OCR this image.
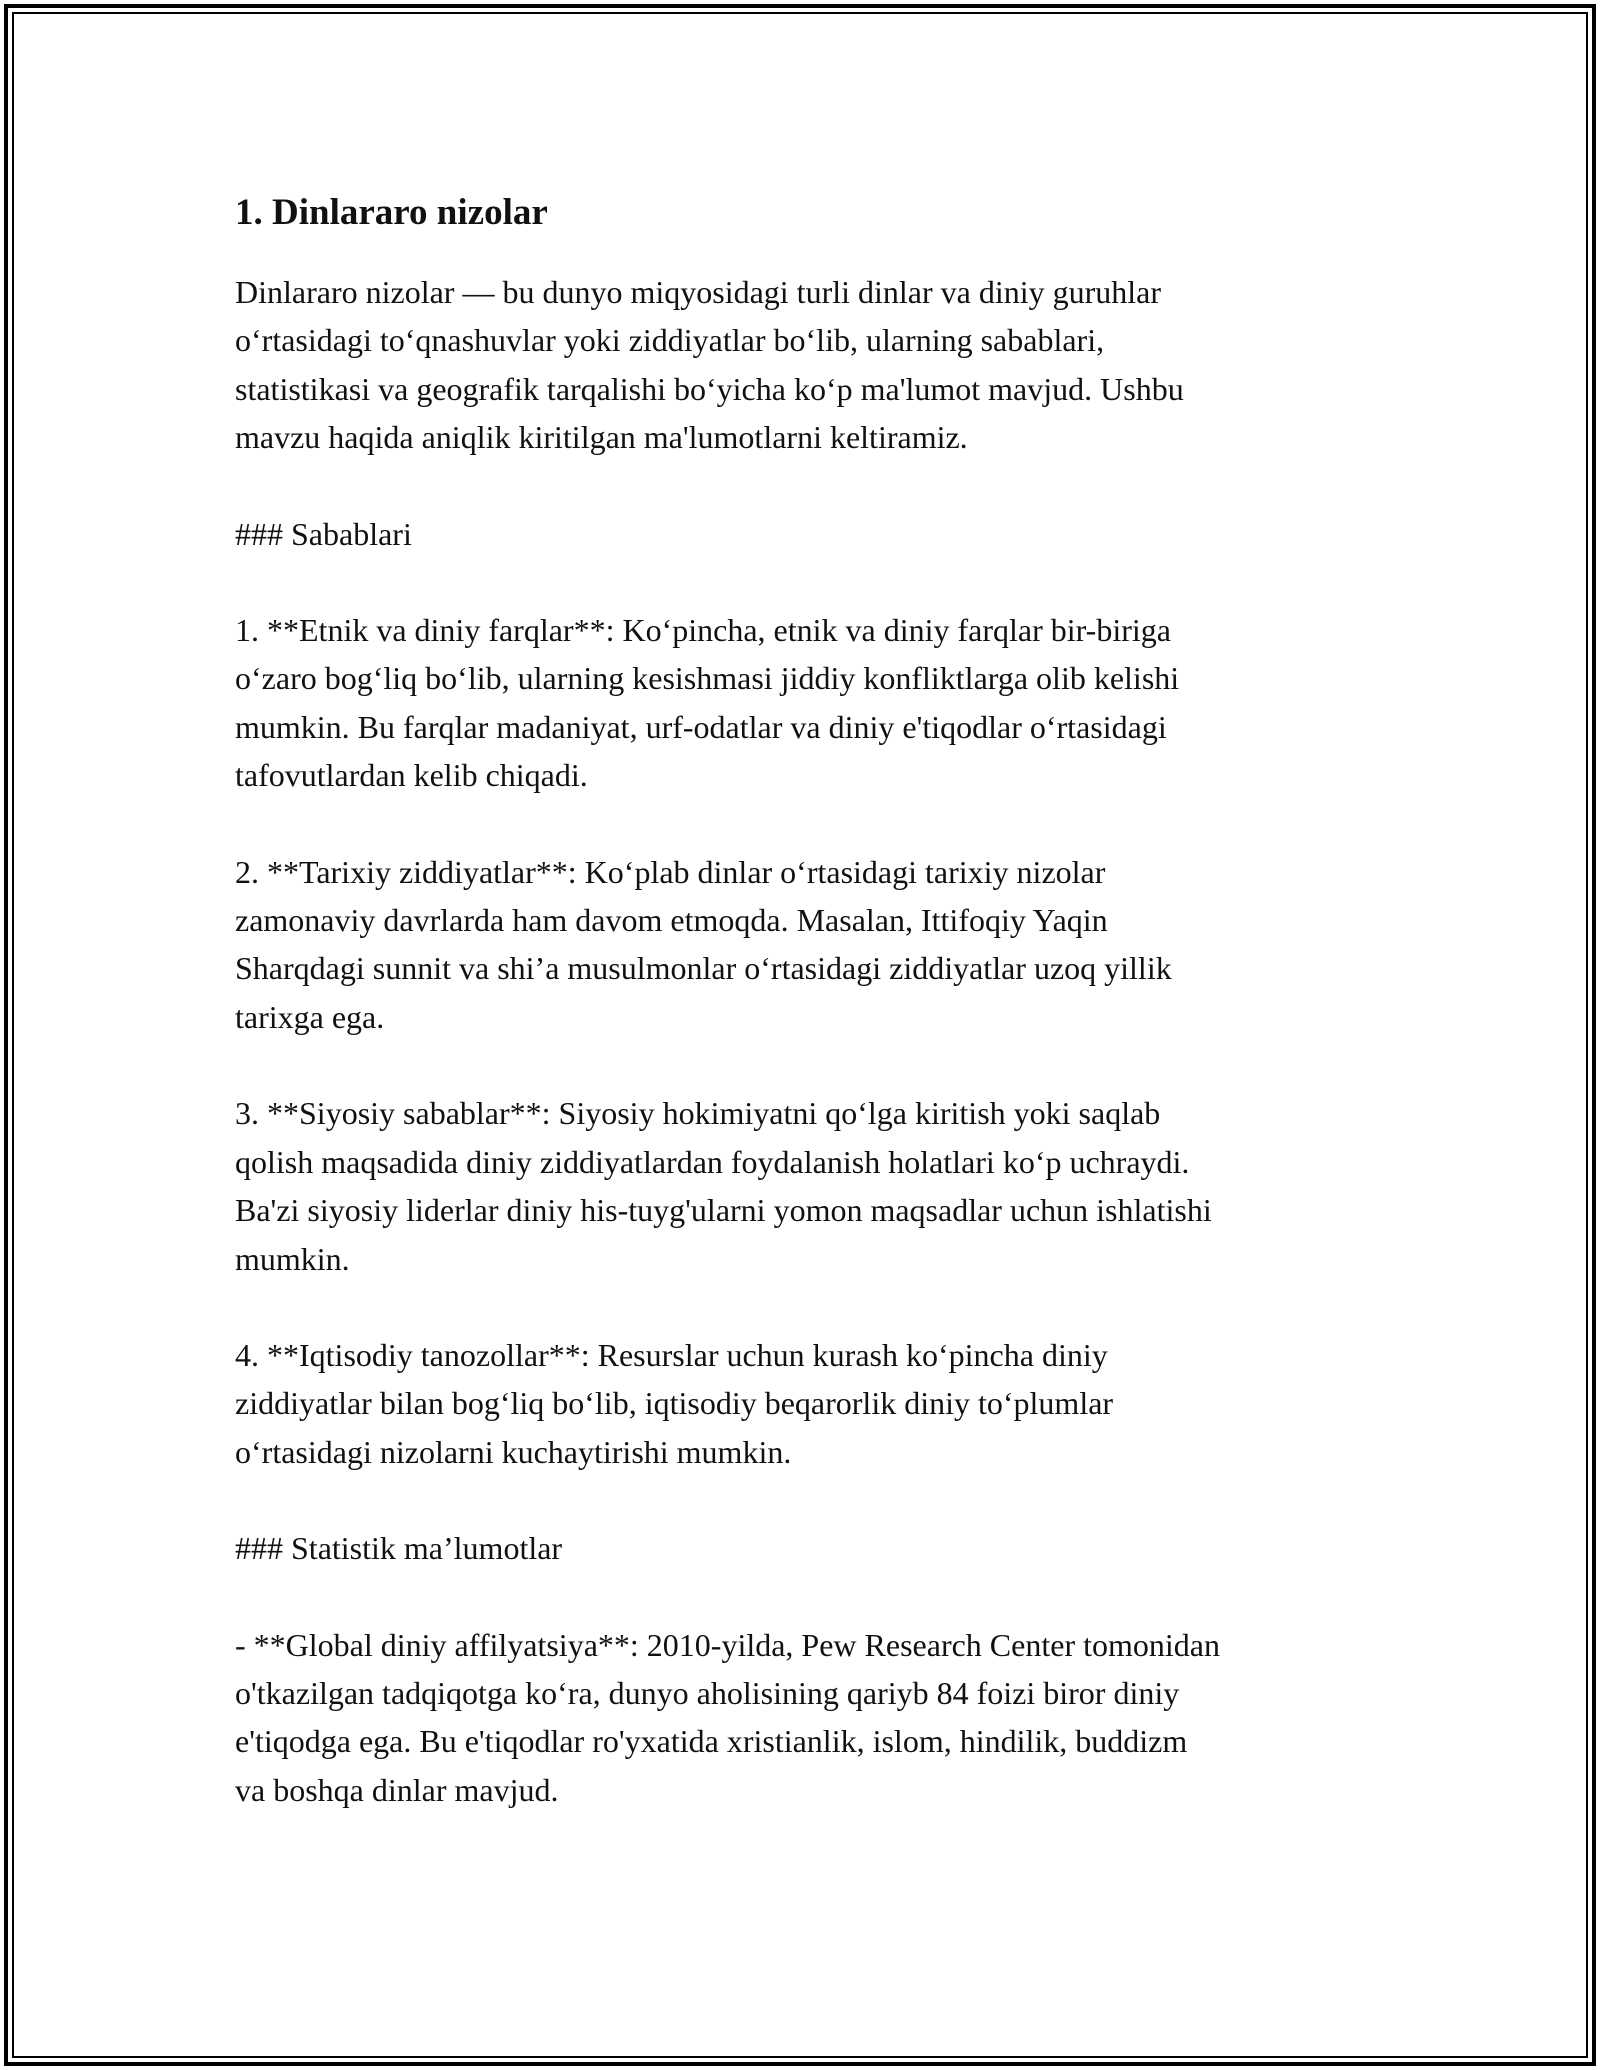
1. Dinlararo nizolar

Dinlararo nizolar — bu dunyo miqyosidagi turli dinlar va diniy guruhlar
o‘rtasidagi to‘qnashuvlar yoki ziddiyatlar bo‘lib, ularning sabablari,
statistikasi va geografik tarqalishi bo‘yicha ko‘p ma'lumot mavjud. Ushbu
mavzu haqida aniqlik kiritilgan ma'lumotlarni keltiramiz.

### Sabablari

1. **Etnik va diniy farqlar**: Ko‘pincha, etnik va diniy farqlar bir-biriga
o‘zaro bog‘liq bo‘lib, ularning kesishmasi jiddiy konfliktlarga olib kelishi
mumkin. Bu farqlar madaniyat, urf-odatlar va diniy e'tiqodlar o‘rtasidagi
tafovutlardan kelib chiqadi.

2. **Tarixiy ziddiyatlar**: Ko‘plab dinlar o‘rtasidagi tarixiy nizolar
zamonaviy davrlarda ham davom etmoqda. Masalan, Ittifoqiy Yaqin
Sharqdagi sunnit va shi’a musulmonlar o‘rtasidagi ziddiyatlar uzoq yillik
tarixga ega.

3. **Siyosiy sabablar**: Siyosiy hokimiyatni qo‘lga kiritish yoki saqlab
qolish maqsadida diniy ziddiyatlardan foydalanish holatlari ko‘p uchraydi.
Ba'zi siyosiy liderlar diniy his-tuyg'ularni yomon maqsadlar uchun ishlatishi
mumkin.

4. **Iqtisodiy tanozollar**: Resurslar uchun kurash ko‘pincha diniy
ziddiyatlar bilan bog‘liq bo‘lib, iqtisodiy beqarorlik diniy to‘plumlar
o‘rtasidagi nizolarni kuchaytirishi mumkin.

### Statistik ma’lumotlar

- **Global diniy affilyatsiya**: 2010-yilda, Pew Research Center tomonidan
o'tkazilgan tadqiqotga ko‘ra, dunyo aholisining qariyb 84 foizi biror diniy
e'tiqodga ega. Bu e'tiqodlar ro'yxatida xristianlik, islom, hindilik, buddizm
va boshqa dinlar mavjud.
